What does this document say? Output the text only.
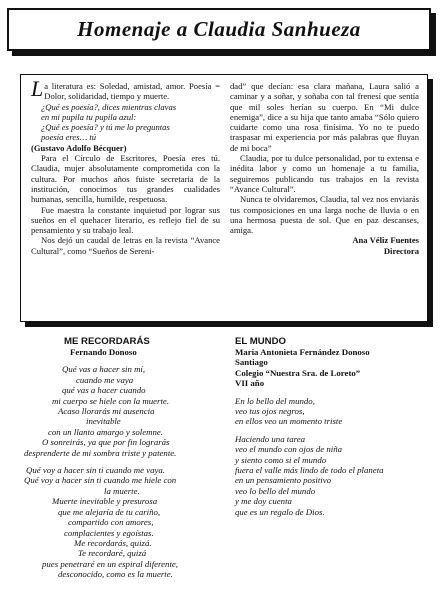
Homenaje a Claudia Sanhueza

La literatura es: Soledad, amistad, amor. Poesía = Dolor, solidaridad, tiempo y muerte.

¿Qué es poesía?, dices mientras clavas
en mi pupila tu pupila azul:
¿Qué es poesía? y tú me lo preguntas
poesía eres… tú
(Gustavo Adolfo Bécquer)

Para el Círculo de Escritores, Poesía eres tú. Claudia, mujer absolutamente comprometida con la cultura. Por muchos años fuiste secretaria de la institución, conocimos tus grandes cualidades humanas, sencilla, humilde, respetuosa.

Fue maestra la constante inquietud por lograr sus sueños en el quehacer literario, es reflejo fiel de su pensamiento y su trabajo leal.

Nos dejó un caudal de letras en la revista “Avance Cultural”, como “Sueños de Sereni-

dad” que decían: esa clara mañana, Laura salió a caminar y a soñar, y soñaba con tal frenesí que sentía que mil soles herían su cuerpo. En “Mi dulce enemiga”, dice a su hija que tanto amaba “Sólo quiero cuidarte como una rosa finísima. Yo no te puedo traspasar mi experiencia por más palabras que fluyan de mi boca”

Claudia, por tu dulce personalidad, por tu extensa e inédita labor y como un homenaje a tu familia, seguiremos publicando tus trabajos en la revista “Avance Cultural”.

Nunca te olvidaremos, Claudia, tal vez nos enviarás tus composiciones en una larga noche de lluvia o en una hermosa puesta de sol. Que en paz descanses, amiga.

Ana Véliz Fuentes
Directora
ME RECORDARÁS
Fernando Donoso
Qué vas a hacer sin mí,
cuando me vaya
qué vas a hacer cuando
mi cuerpo se hiele con la muerte.
Acaso llorarás mi ausencia
inevitable
con un llanto amargo y solemne.
O sonreirás, ya que por fin lograrás
desprenderte de mi sombra triste y patente.
Qué voy a hacer sin ti cuando me vaya.
Qué voy a hacer sin ti cuando me hiele con
la muerte.
Muerte inevitable y presurosa
que me alejaría de tu cariño,
compartido con amores,
complacientes y egoístas.
Me recordarás, quizá.
Te recordaré, quizá
pues penetraré en un espiral diferente,
desconocido, como es la muerte.
EL MUNDO
María Antonieta Fernández Donoso
Santiago
Colegio “Nuestra Sra. de Loreto”
VII año
En lo bello del mundo,
veo tus ojos negros,
en ellos veo un momento triste
Haciendo una tarea
veo el mundo con ojos de niña
y siento como si el mundo
fuera el valle más lindo de todo el planeta
en un pensamiento positivo
veo lo bello del mundo
y me doy cuenta
que es un regalo de Dios.
